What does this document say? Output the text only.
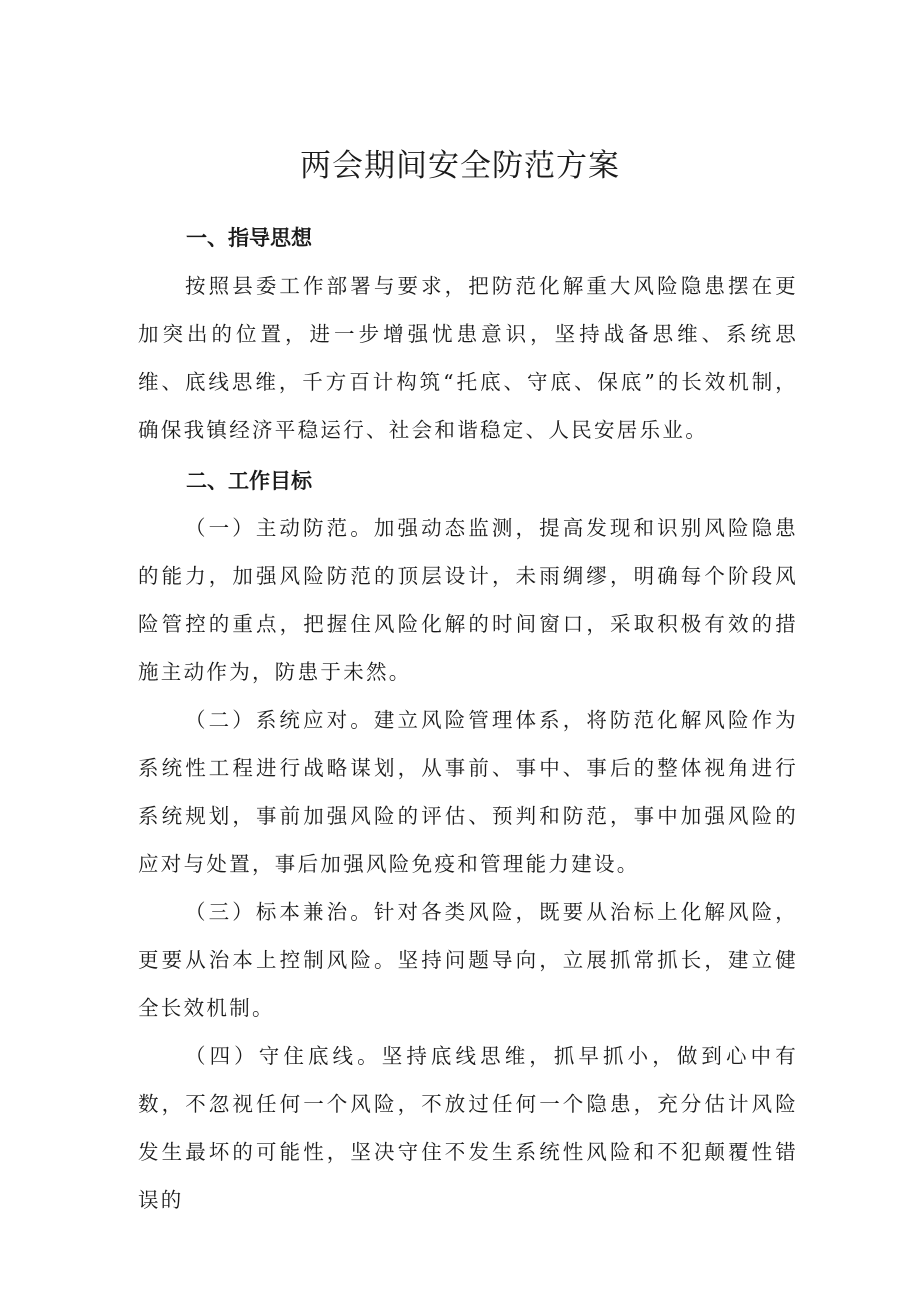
两会期间安全防范方案
一、指导思想

按照县委工作部署与要求，把防范化解重大风险隐患摆在更加突出的位置，进一步增强忧患意识，坚持战备思维、系统思维、底线思维，千方百计构筑“托底、守底、保底”的长效机制，确保我镇经济平稳运行、社会和谐稳定、人民安居乐业。

二、工作目标

（一）主动防范。加强动态监测，提高发现和识别风险隐患的能力，加强风险防范的顶层设计，未雨绸缪，明确每个阶段风险管控的重点，把握住风险化解的时间窗口，采取积极有效的措施主动作为，防患于未然。

（二）系统应对。建立风险管理体系，将防范化解风险作为系统性工程进行战略谋划，从事前、事中、事后的整体视角进行系统规划，事前加强风险的评估、预判和防范，事中加强风险的应对与处置，事后加强风险免疫和管理能力建设。

（三）标本兼治。针对各类风险，既要从治标上化解风险，更要从治本上控制风险。坚持问题导向，立展抓常抓长，建立健全长效机制。

（四）守住底线。坚持底线思维，抓早抓小，做到心中有数，不忽视任何一个风险，不放过任何一个隐患，充分估计风险发生最坏的可能性，坚决守住不发生系统性风险和不犯颠覆性错误的
